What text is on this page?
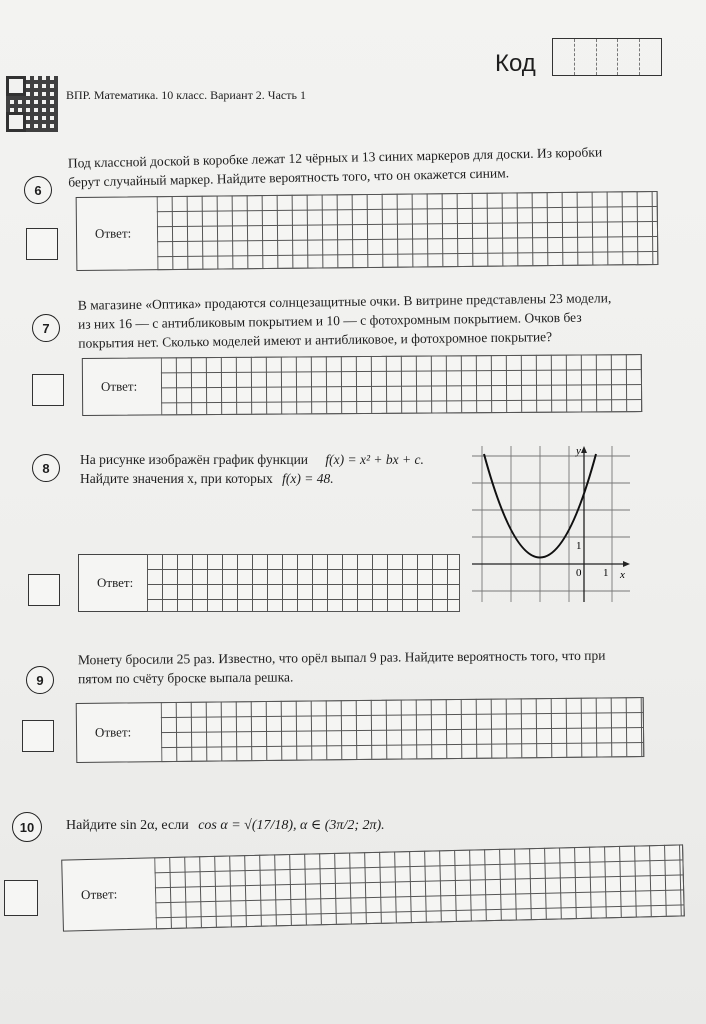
ВПР. Математика. 10 класс. Вариант 2. Часть 1
Код
6
Под классной доской в коробке лежат 12 чёрных и 13 синих маркеров для доски. Из коробки
берут случайный маркер. Найдите вероятность того, что он окажется синим.
Ответ:
7
В магазине «Оптика» продаются солнцезащитные очки. В витрине представлены 23 модели,
из них 16 — с антибликовым покрытием и 10 — с фотохромным покрытием. Очков без
покрытия нет. Сколько моделей имеют и антибликовое, и фотохромное покрытие?
Ответ:
8
На рисунке изображён график функции f(x) = x² + bx + c.
Найдите значения x, при которых f(x) = 48.
Ответ:
y
x
0 1
1
9
Монету бросили 25 раз. Известно, что орёл выпал 9 раз. Найдите вероятность того, что при
пятом по счёту броске выпала решка.
Ответ:
10	Найдите sin 2α, если cos α = √(17/18), α ∈ (3π/2; 2π).
Ответ:
